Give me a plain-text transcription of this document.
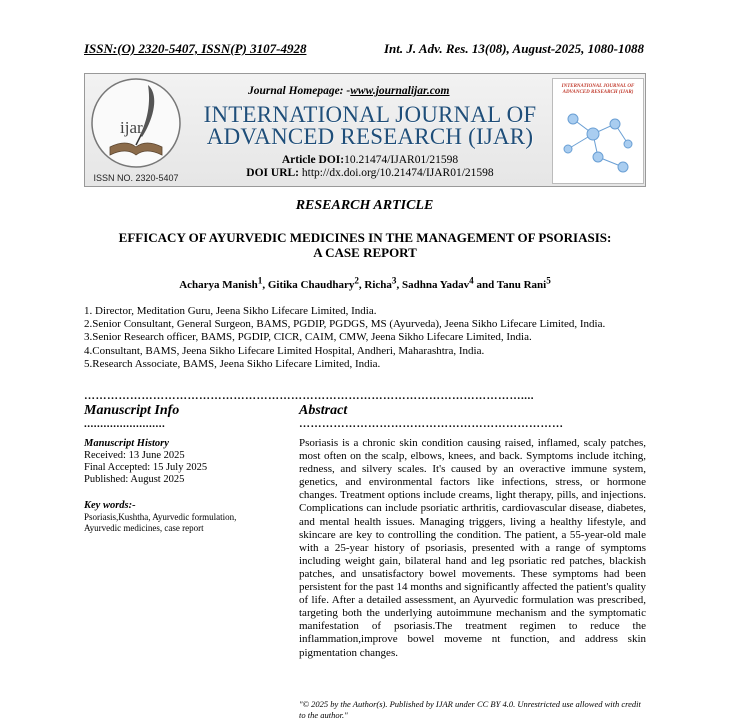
ISSN:(O) 2320-5407, ISSN(P) 3107-4928	Int. J. Adv. Res. 13(08), August-2025, 1080-1088
ijar
ISSN NO. 2320-5407
Journal Homepage: -www.journalijar.com
INTERNATIONAL JOURNAL OF
ADVANCED RESEARCH (IJAR)
Article DOI:10.21474/IJAR01/21598
DOI URL: http://dx.doi.org/10.21474/IJAR01/21598
INTERNATIONAL JOURNAL OF ADVANCED RESEARCH (IJAR)
RESEARCH ARTICLE
EFFICACY OF AYURVEDIC MEDICINES IN THE MANAGEMENT OF PSORIASIS:
A CASE REPORT
Acharya Manish$^1$, Gitika Chaudhary$^2$, Richa$^3$, Sadhna Yadav$^4$ and Tanu Rani$^5$
1. Director, Meditation Guru, Jeena Sikho Lifecare Limited, India.
2.Senior Consultant, General Surgeon, BAMS, PGDIP, PGDGS, MS (Ayurveda), Jeena Sikho Lifecare Limited, India.
3.Senior Research officer, BAMS, PGDIP, CICR, CAIM, CMW, Jeena Sikho Lifecare Limited, India.
4.Consultant, BAMS, Jeena Sikho Lifecare Limited Hospital, Andheri, Maharashtra, India.
5.Research Associate, BAMS, Jeena Sikho Lifecare Limited, India.
……………………………………………………………………………………………………....
Manuscript Info	Abstract
.........................	……………………………………………………………
Manuscript History
Received: 13 June 2025
Final Accepted: 15 July 2025
Published: August 2025
Key words:-
Psoriasis,Kushtha, Ayurvedic formulation, Ayurvedic medicines, case report
Psoriasis is a chronic skin condition causing raised, inflamed, scaly patches, most often on the scalp, elbows, knees, and back. Symptoms include itching, redness, and silvery scales. It's caused by an overactive immune system, genetics, and environmental factors like infections, stress, or hormone changes. Treatment options include creams, light therapy, pills, and injections. Complications can include psoriatic arthritis, cardiovascular disease, diabetes, and mental health issues. Managing triggers, living a healthy lifestyle, and skincare are key to controlling the condition. The patient, a 55-year-old male with a 25-year history of psoriasis, presented with a range of symptoms including weight gain, bilateral hand and leg psoriatic red patches, blackish patches, and unsatisfactory bowel movements. These symptoms had been persistent for the past 14 months and significantly affected the patient's quality of life. After a detailed assessment, an Ayurvedic formulation was prescribed, targeting both the underlying autoimmune mechanism and the symptomatic manifestation of psoriasis.The treatment regimen to reduce the inflammation,improve bowel moveme nt function, and address skin pigmentation changes.
"© 2025 by the Author(s). Published by IJAR under CC BY 4.0. Unrestricted use allowed with credit to the author."
